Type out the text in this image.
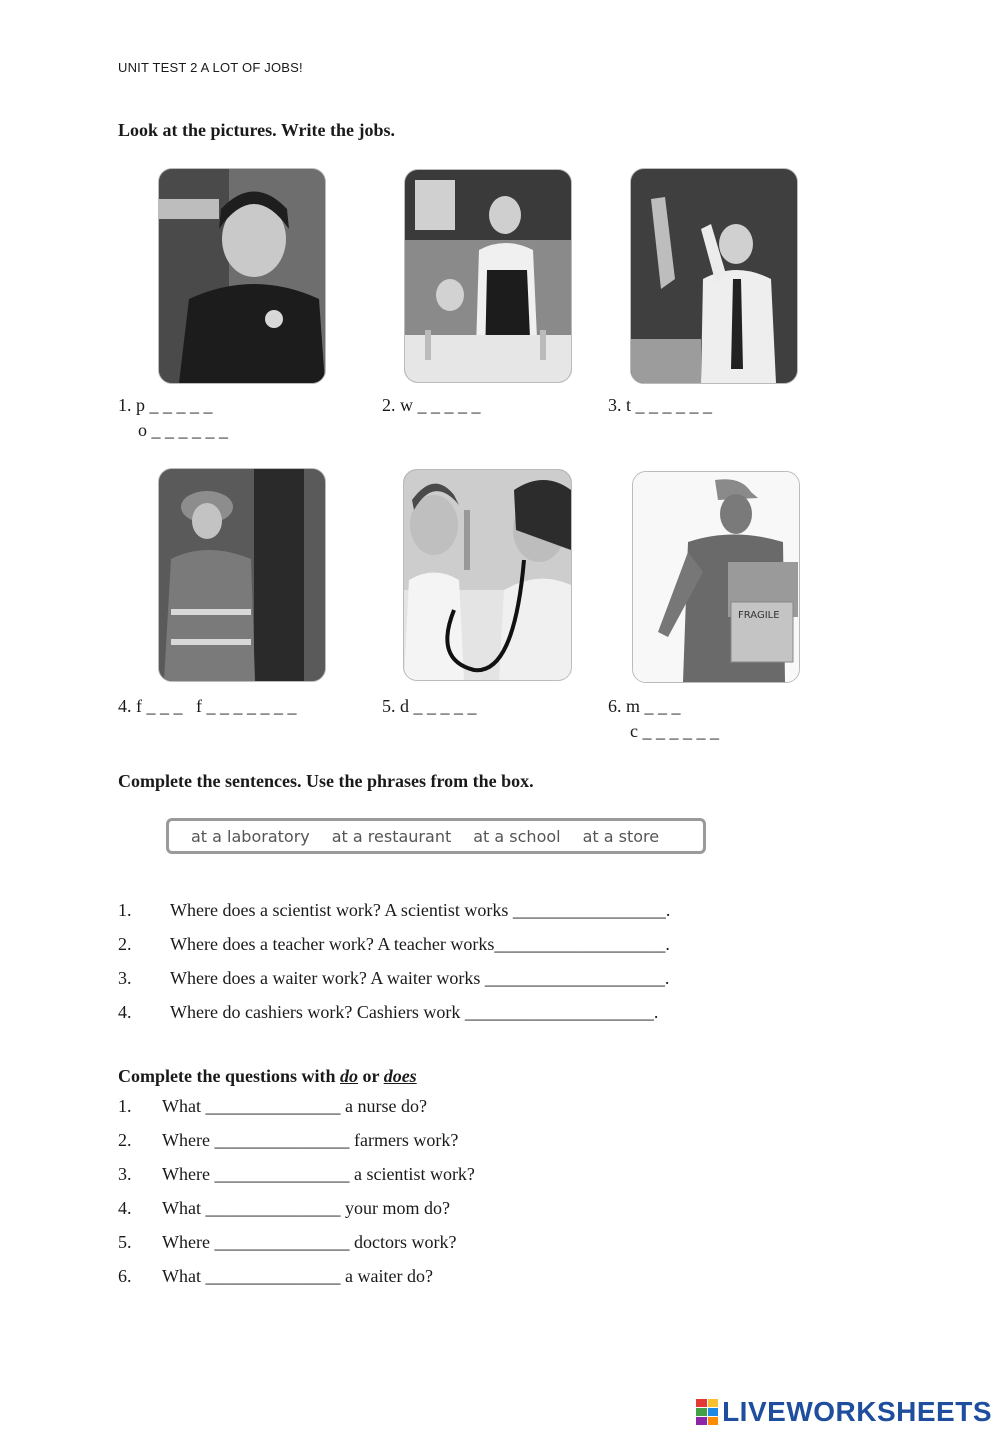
UNIT TEST 2 A LOT OF JOBS!
Look at the pictures. Write the jobs.
1. p _ _ _ _ _
o _ _ _ _ _ _
2. w _ _ _ _ _	3. t _ _ _ _ _ _
FRAGILE
4. f _ _ _   f _ _ _ _ _ _ _	5. d _ _ _ _ _	6. m _ _ _
c _ _ _ _ _ _
Complete the sentences. Use the phrases from the box.
at a laboratory at a restaurant at a school at a store
1. Where does a scientist work? A scientist works _________________.
2. Where does a teacher work? A teacher works___________________.
3. Where does a waiter work? A waiter works ____________________.
4. Where do cashiers work? Cashiers work _____________________.
Complete the questions with do or does
1. What _______________ a nurse do?
2. Where _______________ farmers work?
3. Where _______________ a scientist work?
4. What _______________ your mom do?
5. Where _______________ doctors work?
6. What _______________ a waiter do?
LIVEWORKSHEETS
